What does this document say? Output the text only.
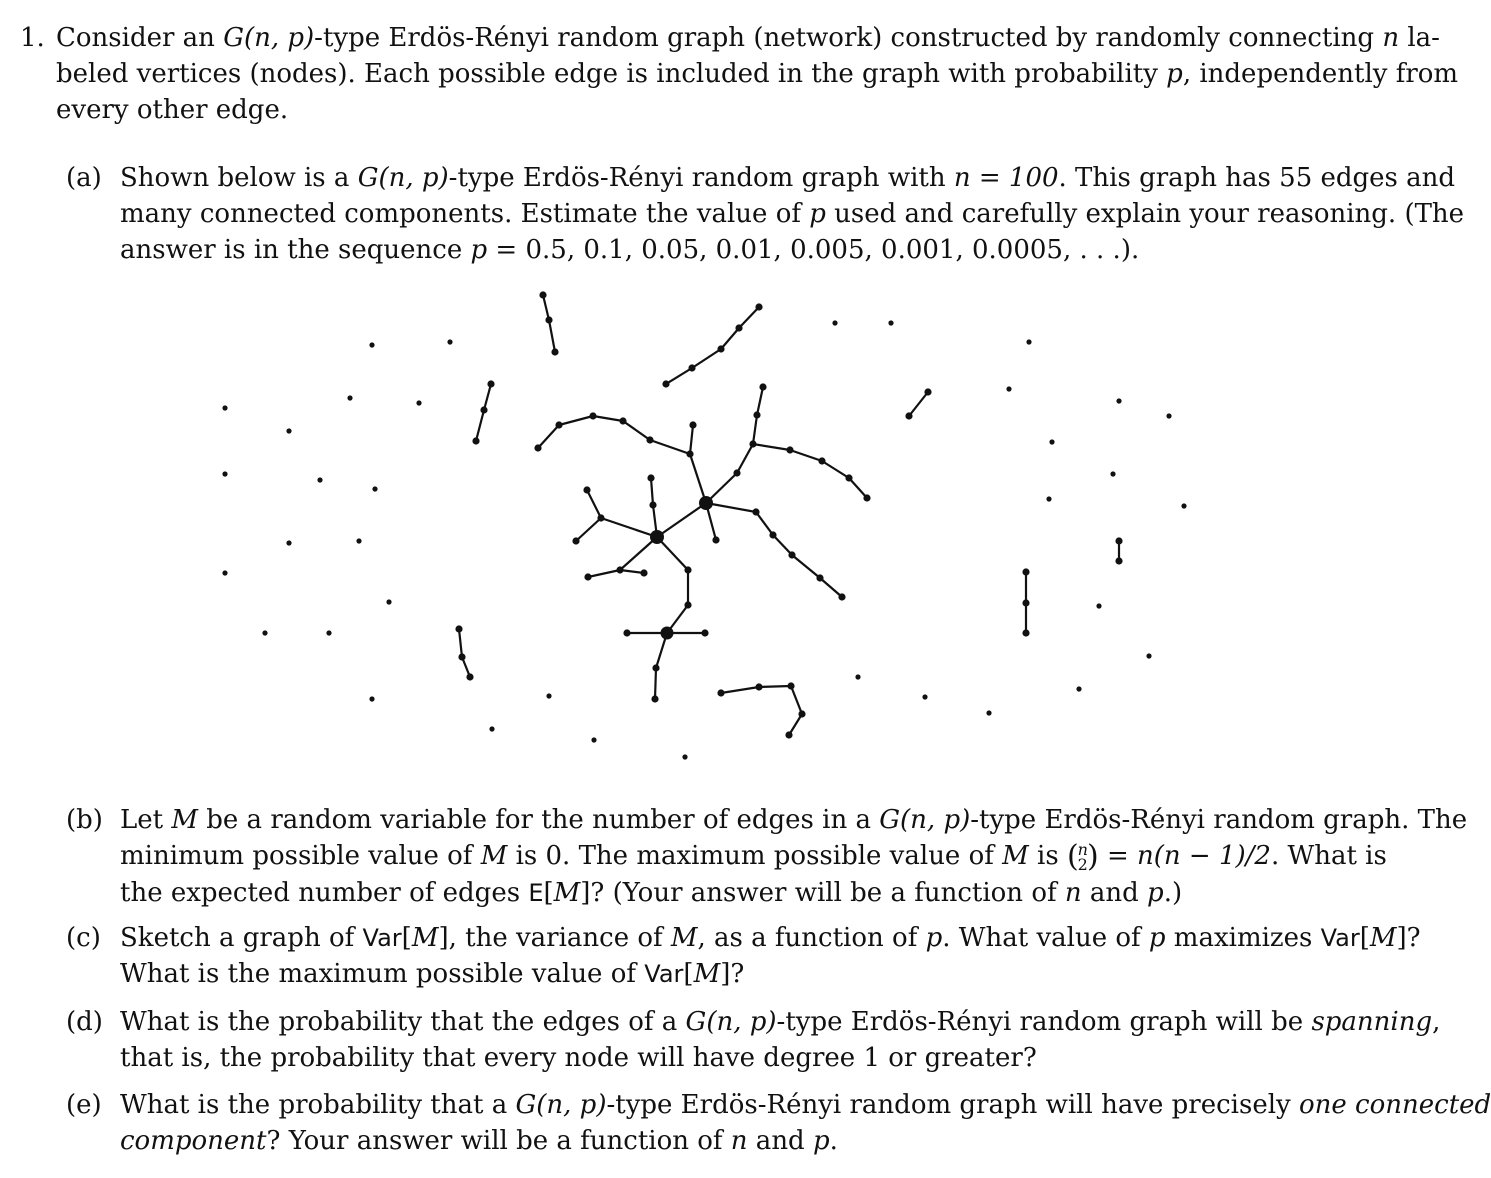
1. Consider an G(n, p)-type Erdös-Rényi random graph (network) constructed by randomly connecting n la-
beled vertices (nodes). Each possible edge is included in the graph with probability p, independently from
every other edge.
(a) Shown below is a G(n, p)-type Erdös-Rényi random graph with n = 100. This graph has 55 edges and
many connected components. Estimate the value of p used and carefully explain your reasoning. (The
answer is in the sequence p = 0.5, 0.1, 0.05, 0.01, 0.005, 0.001, 0.0005, . . .).
(b) Let M be a random variable for the number of edges in a G(n, p)-type Erdös-Rényi random graph. The
minimum possible value of M is 0. The maximum possible value of M is (n
2) = n(n − 1)/2. What is
the expected number of edges E[M]? (Your answer will be a function of n and p.)
(c) Sketch a graph of Var[M], the variance of M, as a function of p. What value of p maximizes Var[M]?
What is the maximum possible value of Var[M]?
(d) What is the probability that the edges of a G(n, p)-type Erdös-Rényi random graph will be spanning,
that is, the probability that every node will have degree 1 or greater?
(e) What is the probability that a G(n, p)-type Erdös-Rényi random graph will have precisely one connected
component? Your answer will be a function of n and p.
